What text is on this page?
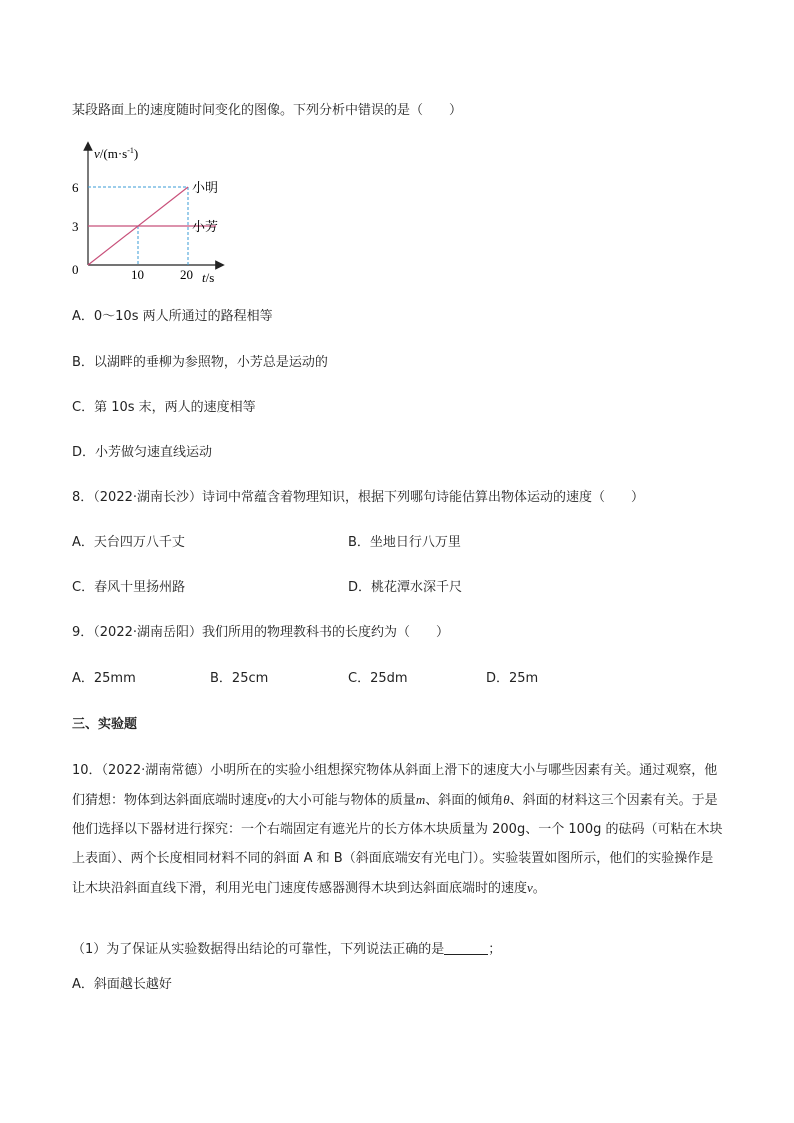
某段路面上的速度随时间变化的图像。下列分析中错误的是（　　）
$v/(m\cdot s^{-1})$
6
3
0	10	20 t/s
小明
小芳
A．0～10s 两人所通过的路程相等
B．以湖畔的垂柳为参照物，小芳总是运动的
C．第 10s 末，两人的速度相等
D．小芳做匀速直线运动
8．（2022·湖南长沙）诗词中常蕴含着物理知识，根据下列哪句诗能估算出物体运动的速度（　　）
A．天台四万八千丈	B．坐地日行八万里
C．春风十里扬州路	D．桃花潭水深千尺
9．（2022·湖南岳阳）我们所用的物理教科书的长度约为（　　）
A．25mm	B．25cm	C．25dm	D．25m
三、实验题
10．（2022·湖南常德）小明所在的实验小组想探究物体从斜面上滑下的速度大小与哪些因素有关。通过观察，他们猜想：物体到达斜面底端时速度v的大小可能与物体的质量m、斜面的倾角θ、斜面的材料这三个因素有关。于是他们选择以下器材进行探究：一个右端固定有遮光片的长方体木块质量为 200g、一个 100g 的砝码（可粘在木块上表面）、两个长度相同材料不同的斜面 A 和 B（斜面底端安有光电门）。实验装置如图所示，他们的实验操作是让木块沿斜面直线下滑，利用光电门速度传感器测得木块到达斜面底端时的速度v。
（1）为了保证从实验数据得出结论的可靠性，下列说法正确的是	；
A．斜面越长越好
